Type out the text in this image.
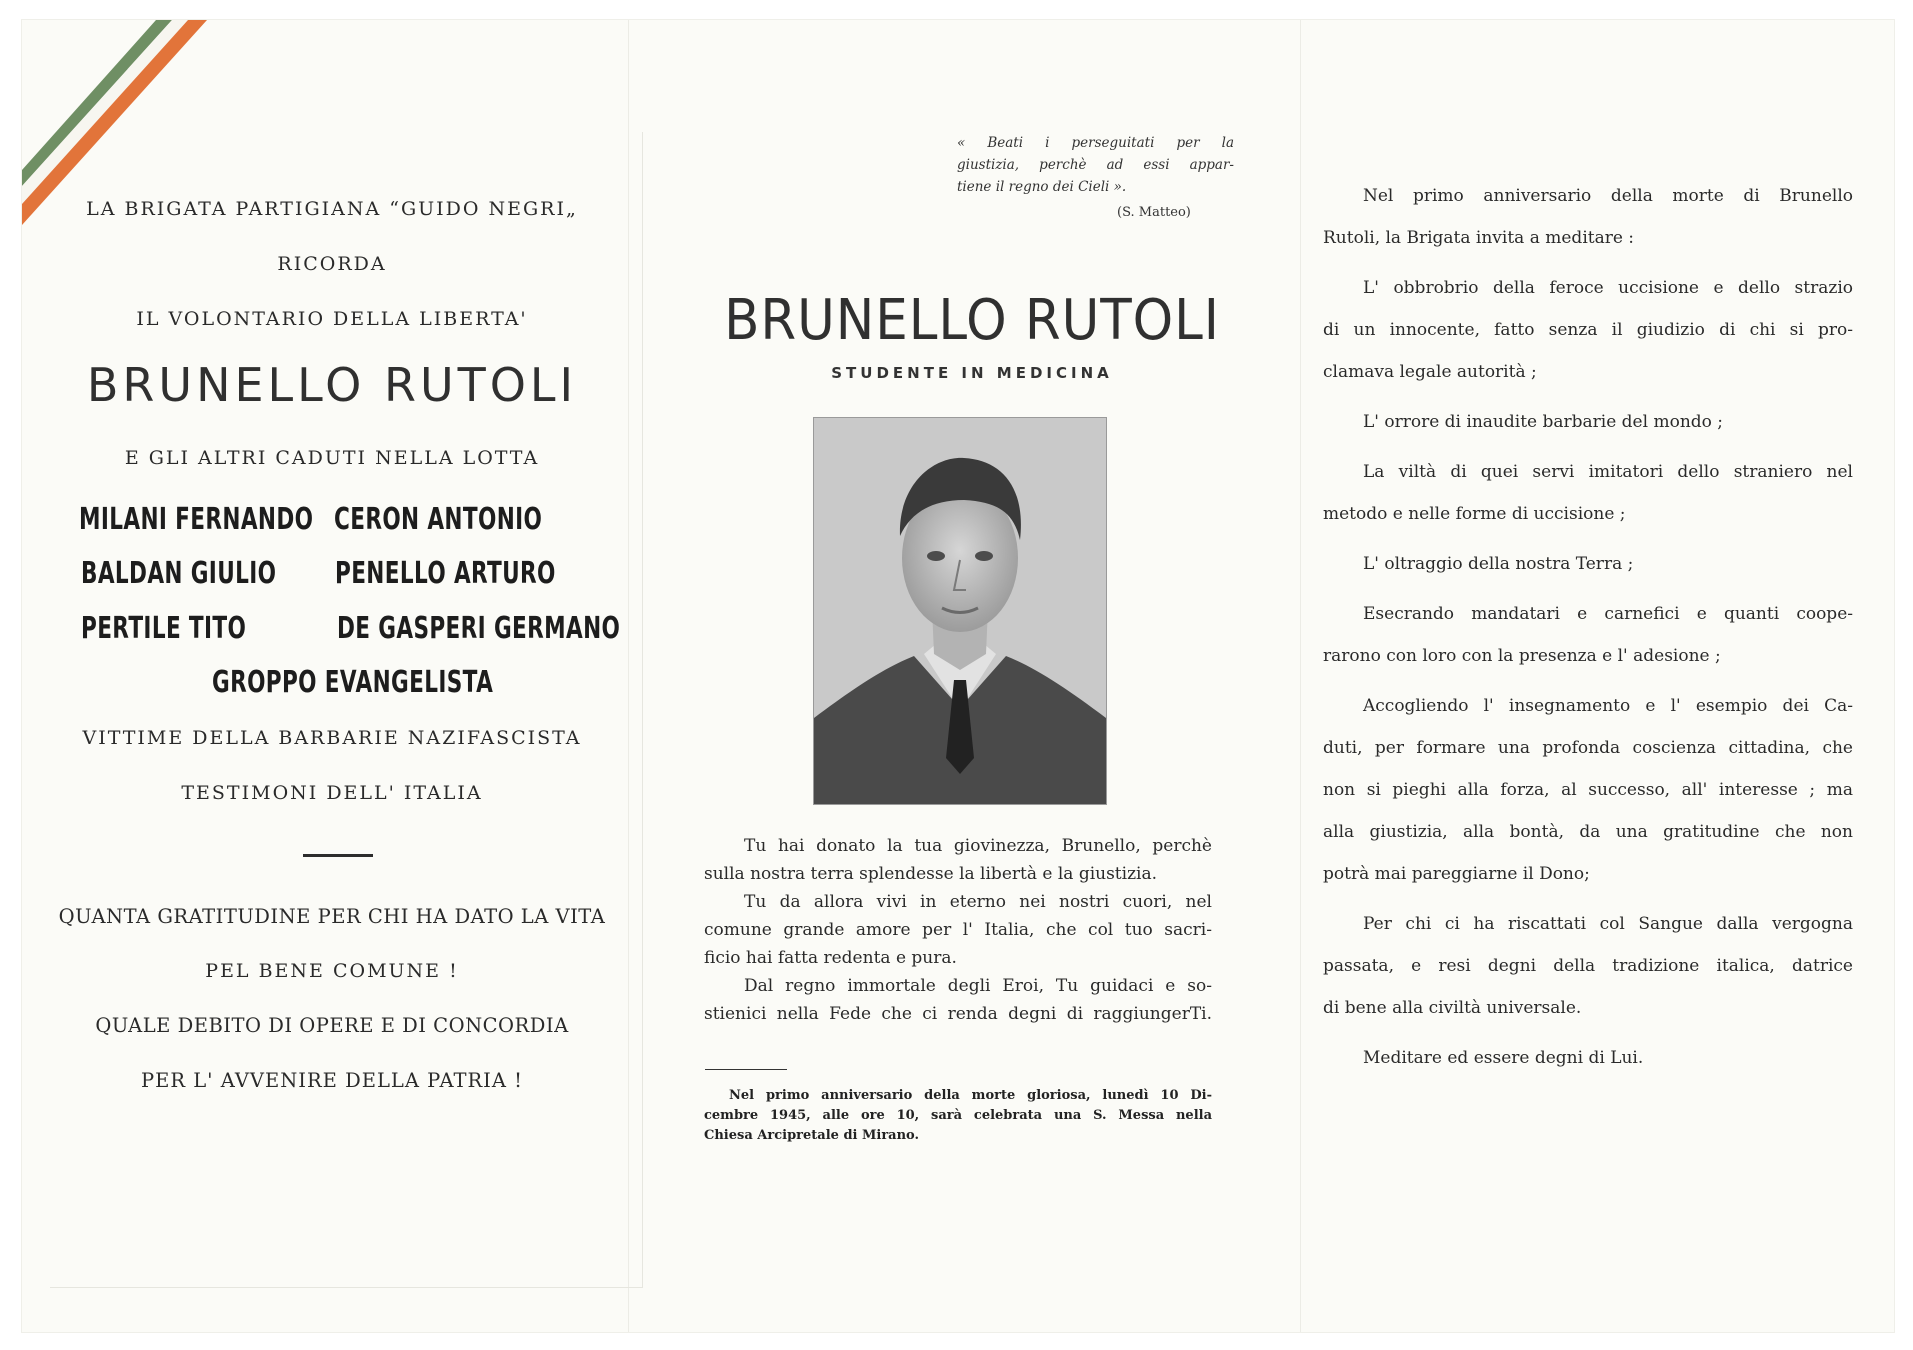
LA BRIGATA PARTIGIANA “GUIDO NEGRI„
RICORDA
IL VOLONTARIO DELLA LIBERTA'
BRUNELLO RUTOLI
E GLI ALTRI CADUTI NELLA LOTTA
MILANI FERNANDO CERON ANTONIO
BALDAN GIULIO PENELLO ARTURO
PERTILE TITO	DE GASPERI GERMANO
GROPPO EVANGELISTA
VITTIME DELLA BARBARIE NAZIFASCISTA
TESTIMONI DELL' ITALIA
QUANTA GRATITUDINE PER CHI HA DATO LA VITA
PEL BENE COMUNE !
QUALE DEBITO DI OPERE E DI CONCORDIA
PER L' AVVENIRE DELLA PATRIA !
« Beati i perseguitati per la
giustizia, perchè ad essi appar-
tiene il regno dei Cieli ».
(S. Matteo)
BRUNELLO RUTOLI
STUDENTE IN MEDICINA
Tu hai donato la tua giovinezza, Brunello, perchè
sulla nostra terra splendesse la libertà e la giustizia.
Tu da allora vivi in eterno nei nostri cuori, nel
comune grande amore per l' Italia, che col tuo sacri-
ficio hai fatta redenta e pura.
Dal regno immortale degli Eroi, Tu guidaci e so-
stienici nella Fede che ci renda degni di raggiungerTi.
Nel primo anniversario della morte gloriosa, lunedì 10 Di-
cembre 1945, alle ore 10, sarà celebrata una S. Messa nella
Chiesa Arcipretale di Mirano.
Nel primo anniversario della morte di Brunello
Rutoli, la Brigata invita a meditare :
L' obbrobrio della feroce uccisione e dello strazio
di un innocente, fatto senza il giudizio di chi si pro-
clamava legale autorità ;
L' orrore di inaudite barbarie del mondo ;
La viltà di quei servi imitatori dello straniero nel
metodo e nelle forme di uccisione ;
L' oltraggio della nostra Terra ;
Esecrando mandatari e carnefici e quanti coope-
rarono con loro con la presenza e l' adesione ;
Accogliendo l' insegnamento e l' esempio dei Ca-
duti, per formare una profonda coscienza cittadina, che
non si pieghi alla forza, al successo, all' interesse ; ma
alla giustizia, alla bontà, da una gratitudine che non
potrà mai pareggiarne il Dono;
Per chi ci ha riscattati col Sangue dalla vergogna
passata, e resi degni della tradizione italica, datrice
di bene alla civiltà universale.
Meditare ed essere degni di Lui.
